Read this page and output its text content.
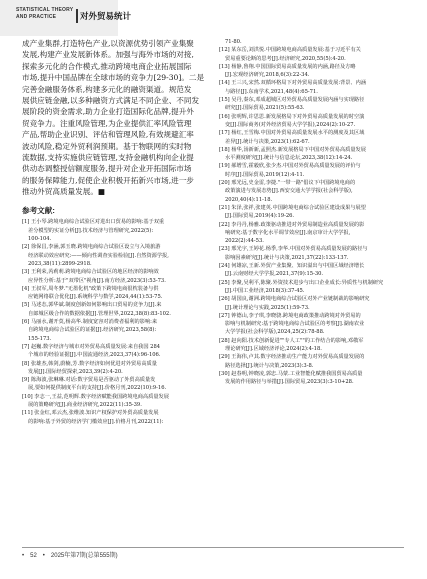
STATISTICAL THEORY AND PRACTICE	对外贸易统计
成产业集群,打造特色产业,以资源优势引领产业集聚
发展,构建产业发展新体系。加强与海外市场的对接,
探索多元化的合作模式,推动跨境电商企业拓展国际
市场,提升中国品牌在全球市场的竞争力[29-30]。二是
完善金融服务体系,构建多元化的融资渠道。规范发
展供应链金融,以多种融资方式满足不同企业、不同发
展阶段的资金需求,助力企业打造国际化品牌,提升外
贸竞争力。注重风险管理,为企业提供汇率风险管理
产品,帮助企业识别、评估和管理风险,有效规避汇率
波动风险,稳定外贸利润预期。基于物联网的实时物
流数据,支持实施供应链管理,支持金融机构向企业提
供动态调整授信额度服务,提升对企业开拓国际市场
的服务保障能力,促使企业积极开拓新兴市场,进一步
推动外贸高质量发展。■
参考文献:
[1] 王小琴.跨境电商综合试验区对进出口贸易的影响:基于双重
差分模型的实证分析[J].技术经济与管理研究,2022(5):
100-104.
[2] 徐保昌,李涵,郭玉晓.跨境电商综合试验区设立与入境旅游
经济联动效应研究:——倾向性调查实验检验[J].自然资源学报,
2023,38(11):2899-2918.
[3] 王利荣,芮莉莉.跨境电商综合试验区的地区经济的影响效
应异性分析:基于"双带区"视角[J].南方经济,2023(3):53-73.
[4] 王叔军,周冬梦."无墨化机"政策下跨境电商很枕装备与供
应链网络联合优化[J].系统科学与数学,2024,44(1):53-75.
[5] 马述态,郭华斌.制度创新如何影响出口贸易的竞争力[J].来
自郎城区级合作的数据依据[J].管理世界,2022,38(8):83-102.
[6] 马丽水,谢开莫,杨高华.制度宽容对消费者福利的影响:来
自跨境电商综合试验区的证据[J].经济研究,2023,58(8):
155-173.
[7] 赵巍.数字经济与城市对外贸易高质量发展:来自我国 284
个城市的经验证据[J].中国流通经济,2023,37(4):96-106.
[8] 张雄杰,韩剑,蔚楠,芳.数字经济如何优进对外贸易高质量
发展[J].国际经贸探索,2023,39(2):4-20.
[9] 陈海波,张琳琳.对话:数字贸易是否驱动了外贸高质量发
展,要如何提供制度平台的支持[J].价格月刊,2022(10):9-16.
[10] 李志一,王益,范明辉.数字经济赋能我国跨境电商高质量发展
展的策略研究[J].商业经济研究,2022(11):35-39.
[11] 张金红,邓云杰,张维波.知识产权保护对外贸高质量发展
的影响:基于外贸的经济学门槛效应[J].价格月刊,2022(11):
71-80.
[12] 某东岳,刘洪悦.中国跨境电商高质量发展:基于习近平有关
贸易重要论断的思考[J].经济研究,2020,55(5):4-20.
[13] 杨静,鲁翔.中国国际贸易高质量发展的内涵,路径及方略
[J].宏观经济研究,2018,6(3):22-34.
[14] 王三兴,宋然.双循环格局下对外贸易高质量发展:背景、内涵
与路径[J].东南学术,2021,48(4):65-71.
[15] 吴丹,秦东,邓成超城区对外贸易高质量发展内涵与实现路径
研究[J].国际贸易,2021(5):55-63.
[16] 张明辉,许思思.新发展格局下对外贸易高质量发展的时空演
变[J].国际商务(对外经济贸易大学学报),2024(2):10-27.
[17] 杨红,王雪梅.中国对外贸易高质量发展水平的测度及其区域
差异[J].统计与决策,2023(1):62-67.
[18] 杨华,汤新新,孟照杰.新发展格局下中国对外贸易高质量发展
水平测度研究[J].统计与信息论坛,2023,38(12):14-24.
[19] 郝增雪,霍毅欣,张少杰.中国对外贸易高质量发展的评价与
时序[J].国际贸易,2019(12):4-11.
[20] 邢光远,史金雷,李捷."一带一路"倡议下中国跨境电商的
政策演进与发展态势[J].西安交通大学学报(社会科学版),
2020,40(4):11-18.
[21] 朱泽,张祥,张建英.中国跨境电商综合试验区建设成果与展望
[J].国际贸易,2019(4):19-26.
[22] 李丹丹,杨雅.政策驱动推进对外贸易制造业高质量发展的影
响研究:基于数字化水平调节效应[J].南京审计大学学报,
2022(2):44-53.
[23] 邢光宇,王婷花.杨季,李华.中国对外贸易高质量发展的路径与
影响因素研究[J].统计与决策,2021,37(22):133-137.
[24] 何雄凉,王新.外贸产业集聚、知识溢出与中国区域经济增长
[J].云南财经大学学报,2021,37(9):15-30.
[25] 李聚,吴利平,陈聚.外资技术进步与出口企业成长:异质性与机制研究
[J].中国工业经济,2018(3):37-45.
[26] 胡国良,谢洲.跨境电商综合试验区对外产业链制裁的影响研究
[J].统计理论与实践,2025(1):59-73.
[27] 钟德山,李子琪,李晓骁.跨境电商政策推动跨境对外贸易的
影响与机制研究:基于跨境电商综合试验区的考察[J].湖南农业
大学学报(社会科学版),2024,25(2):78-88.
[28] 赵向阳.技术创新促进""专人工""的工作结合的影响,邓敬军
理论研究[J].区域经济评论,2024(2):4-18.
[29] 王海伟,卢其.数字经济推动生产能力对外贸易高质量发展的
路径选择[J].统计与决策,2023(3):3-8.
[30] 赵春明,钟晓凌,郭忠.马蒙.工业智能化赋推我国贸易高质量
发展的作用路径与举措[J].国际贸易,2023(3):3-10+28.
• 52 • 2025年第7期(总第555期)
